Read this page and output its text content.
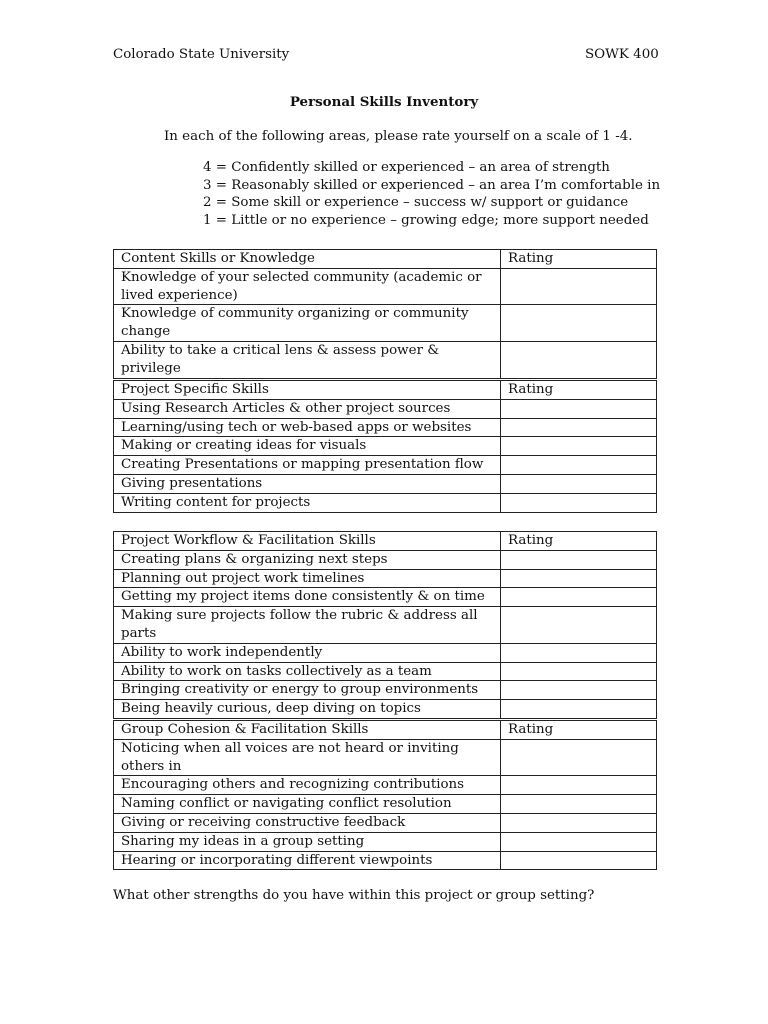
Colorado State University	SOWK 400
Personal Skills Inventory
In each of the following areas, please rate yourself on a scale of 1 -4.
4 = Confidently skilled or experienced – an area of strength
3 = Reasonably skilled or experienced – an area I’m comfortable in
2 = Some skill or experience – success w/ support or guidance
1 = Little or no experience – growing edge; more support needed
Content Skills or Knowledge	Rating
Knowledge of your selected community (academic or lived experience)	
Knowledge of community organizing or community change	
Ability to take a critical lens & assess power & privilege	
Project Specific Skills	Rating
Using Research Articles & other project sources	
Learning/using tech or web-based apps or websites	
Making or creating ideas for visuals	
Creating Presentations or mapping presentation flow	
Giving presentations	
Writing content for projects	
Project Workflow & Facilitation Skills	Rating
Creating plans & organizing next steps	
Planning out project work timelines	
Getting my project items done consistently & on time	
Making sure projects follow the rubric & address all parts	
Ability to work independently	
Ability to work on tasks collectively as a team	
Bringing creativity or energy to group environments	
Being heavily curious, deep diving on topics	
Group Cohesion & Facilitation Skills	Rating
Noticing when all voices are not heard or inviting others in	
Encouraging others and recognizing contributions	
Naming conflict or navigating conflict resolution	
Giving or receiving constructive feedback	
Sharing my ideas in a group setting	
Hearing or incorporating different viewpoints	
What other strengths do you have within this project or group setting?
